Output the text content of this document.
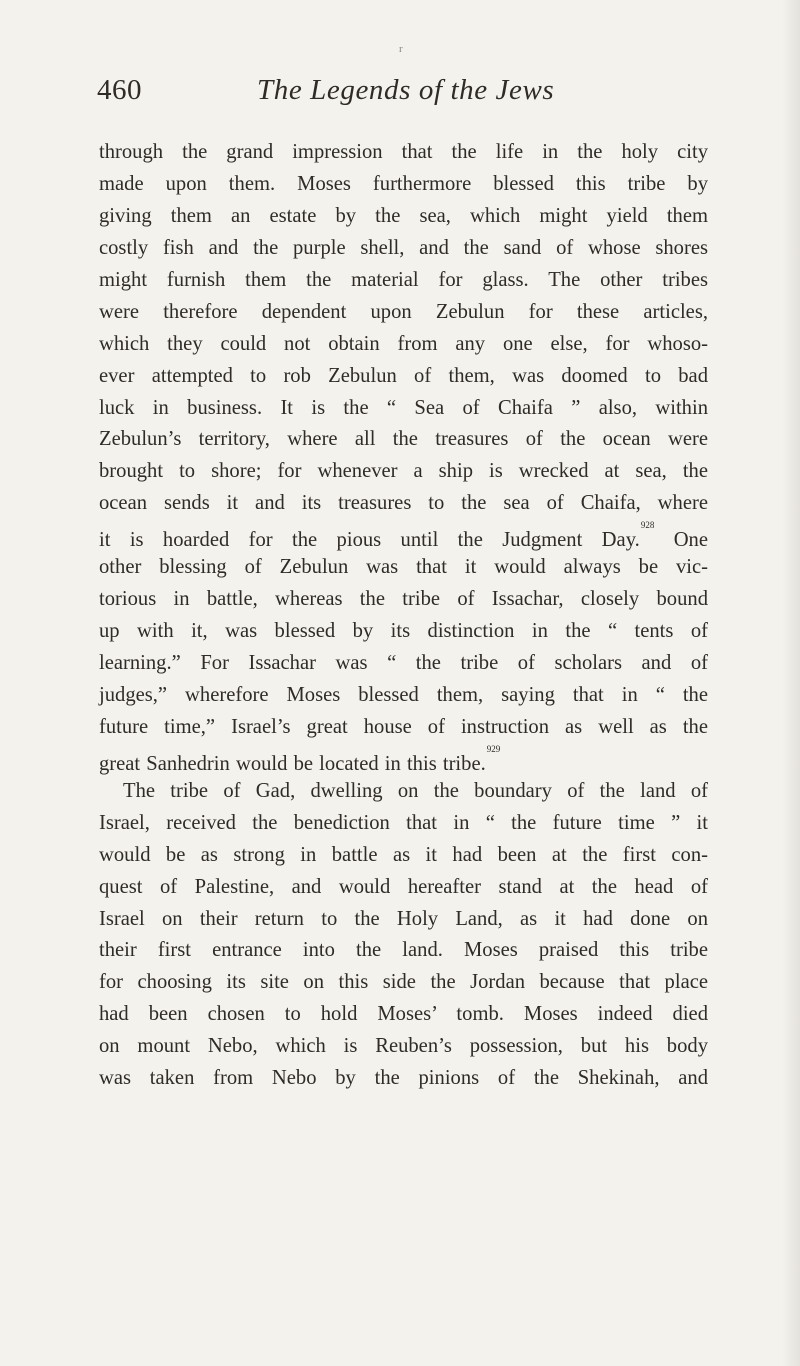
r
460	The Legends of the Jews
through the grand impression that the life in the holy city
made upon them. Moses furthermore blessed this tribe by
giving them an estate by the sea, which might yield them
costly fish and the purple shell, and the sand of whose shores
might furnish them the material for glass. The other tribes
were therefore dependent upon Zebulun for these articles,
which they could not obtain from any one else, for whoso-
ever attempted to rob Zebulun of them, was doomed to bad
luck in business. It is the “ Sea of Chaifa ” also, within
Zebulun’s territory, where all the treasures of the ocean were
brought to shore; for whenever a ship is wrecked at sea, the
ocean sends it and its treasures to the sea of Chaifa, where
it is hoarded for the pious until the Judgment Day.$^{928}$ One
other blessing of Zebulun was that it would always be vic-
torious in battle, whereas the tribe of Issachar, closely bound
up with it, was blessed by its distinction in the “ tents of
learning.” For Issachar was “ the tribe of scholars and of
judges,” wherefore Moses blessed them, saying that in “ the
future time,” Israel’s great house of instruction as well as the
great Sanhedrin would be located in this tribe.$^{929}$
The tribe of Gad, dwelling on the boundary of the land of
Israel, received the benediction that in “ the future time ” it
would be as strong in battle as it had been at the first con-
quest of Palestine, and would hereafter stand at the head of
Israel on their return to the Holy Land, as it had done on
their first entrance into the land. Moses praised this tribe
for choosing its site on this side the Jordan because that place
had been chosen to hold Moses’ tomb. Moses indeed died
on mount Nebo, which is Reuben’s possession, but his body
was taken from Nebo by the pinions of the Shekinah, and
